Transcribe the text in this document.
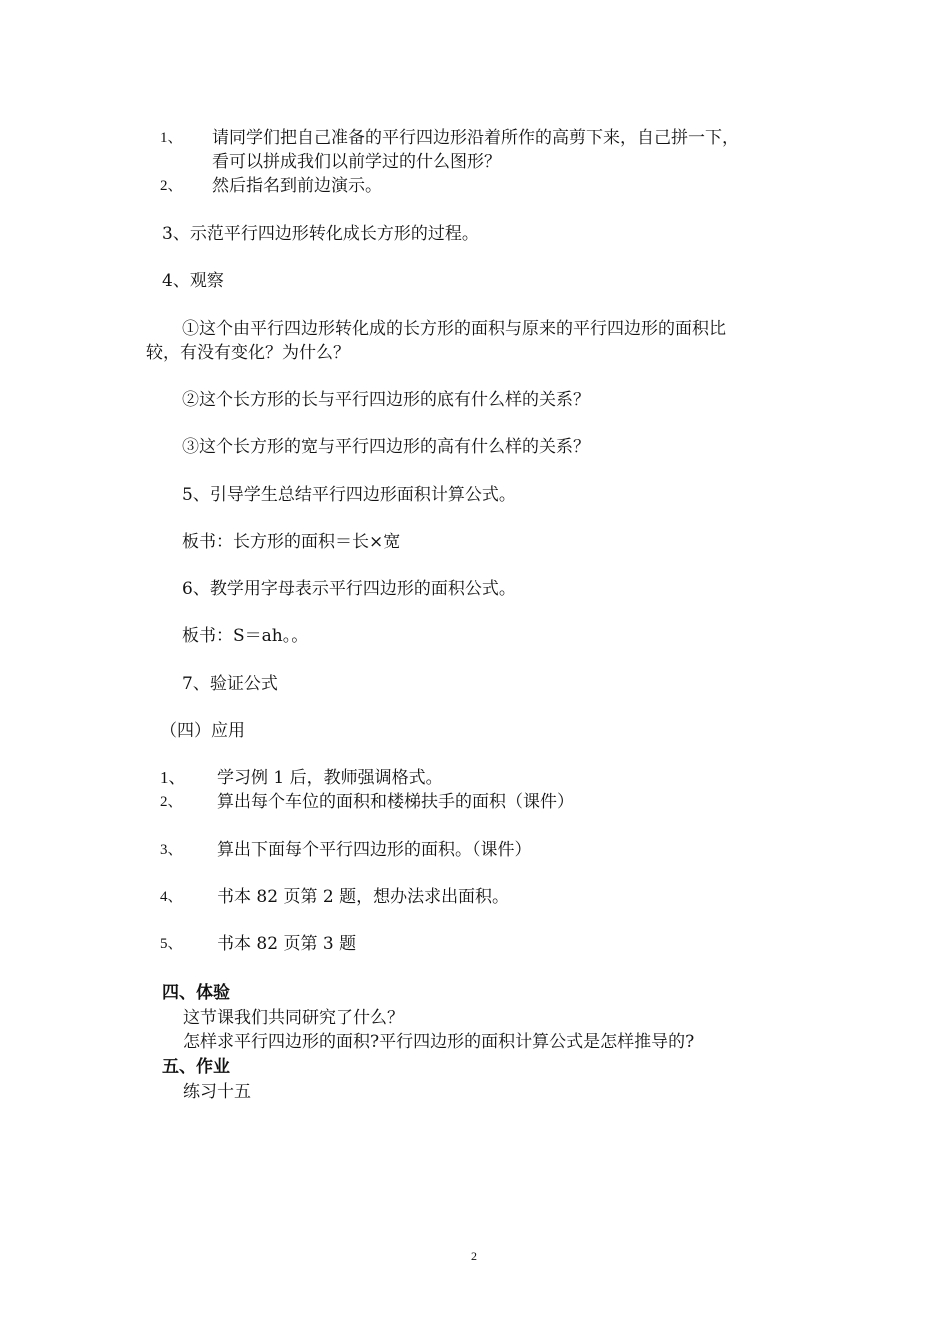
1、 请同学们把自己准备的平行四边形沿着所作的高剪下来，自己拼一下，
看可以拼成我们以前学过的什么图形？
2、 然后指名到前边演示。
3、示范平行四边形转化成长方形的过程。
4、观察
①这个由平行四边形转化成的长方形的面积与原来的平行四边形的面积比
较，有没有变化？为什么？
②这个长方形的长与平行四边形的底有什么样的关系？
③这个长方形的宽与平行四边形的高有什么样的关系？
5、引导学生总结平行四边形面积计算公式。
板书：长方形的面积＝长×宽
6、教学用字母表示平行四边形的面积公式。
板书：S＝ah。。
7、验证公式
（四）应用
1、 学习例 1 后，教师强调格式。
2、 算出每个车位的面积和楼梯扶手的面积（课件）
3、 算出下面每个平行四边形的面积。（课件）
4、 书本 82 页第 2 题，想办法求出面积。
5、 书本 82 页第 3 题
四、体验
这节课我们共同研究了什么？
怎样求平行四边形的面积?平行四边形的面积计算公式是怎样推导的?
五、作业
练习十五
2
